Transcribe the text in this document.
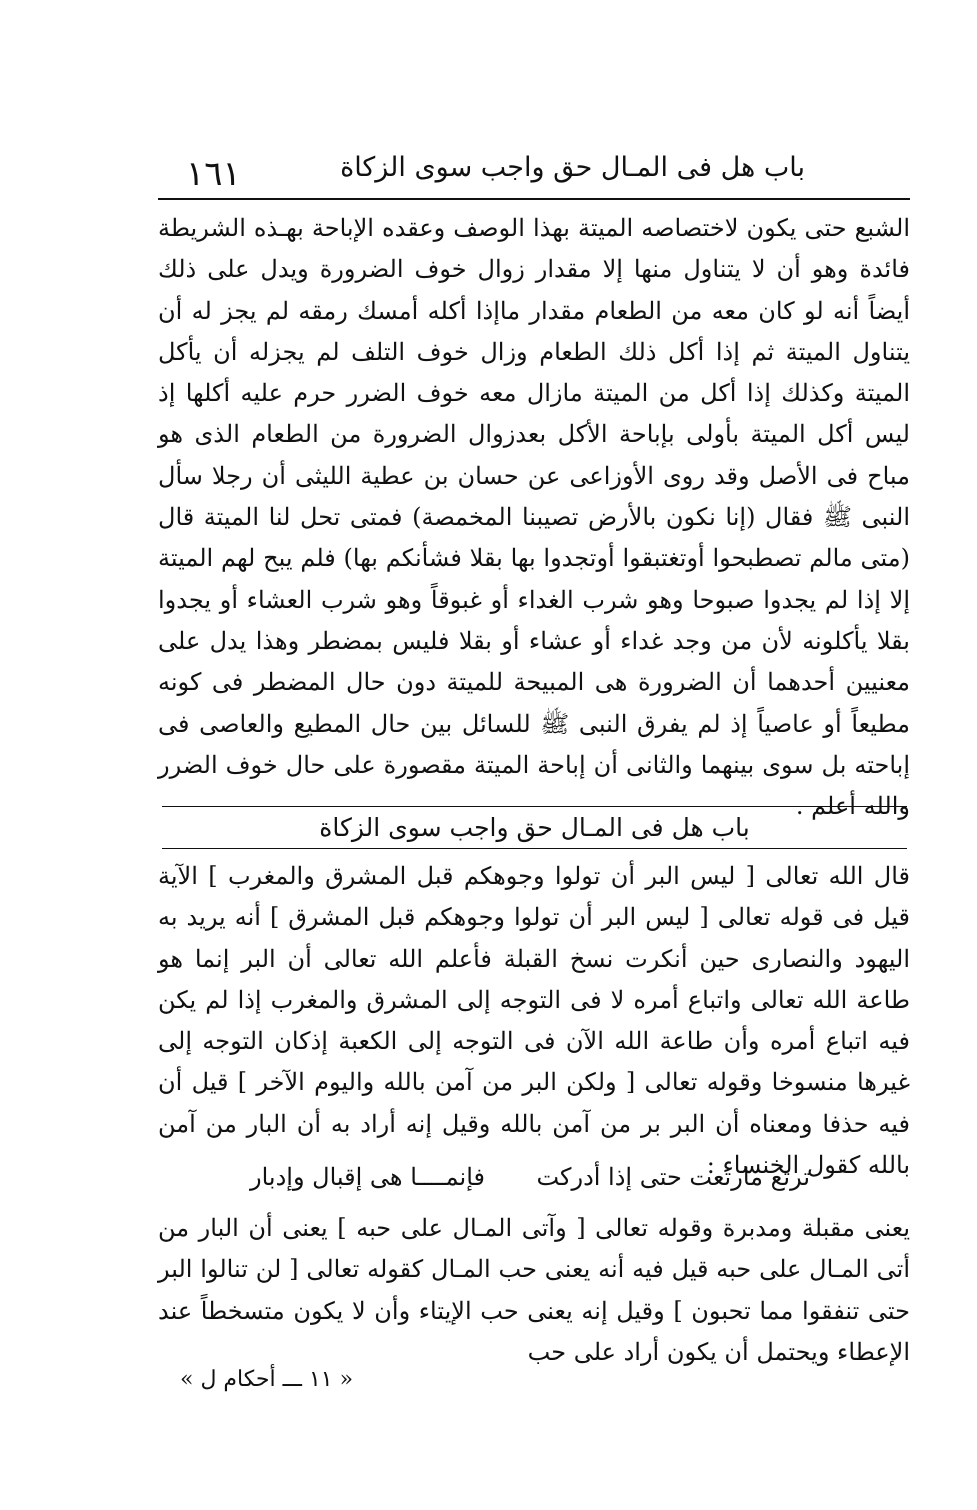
باب هل فى المـال حق واجب سوى الزكاة
١٦١

الشبع حتى يكون لاختصاصه الميتة بهذا الوصف وعقده الإباحة بهـذه الشريطة فائدة وهو أن لا يتناول منها إلا مقدار زوال خوف الضرورة ويدل على ذلك أيضاً أنه لو كان معه من الطعام مقدار ماإذا أكله أمسك رمقه لم يجز له أن يتناول الميتة ثم إذا أكل ذلك الطعام وزال خوف التلف لم يجزله أن يأكل الميتة وكذلك إذا أكل من الميتة مازال معه خوف الضرر حرم عليه أكلها إذ ليس أكل الميتة بأولى بإباحة الأكل بعدزوال الضرورة من الطعام الذى هو مباح فى الأصل وقد روى الأوزاعى عن حسان بن عطية الليثى أن رجلا سأل النبى ﷺ فقال (إنا نكون بالأرض تصيبنا المخمصة) فمتى تحل لنا الميتة قال (متى مالم تصطبحوا أوتغتبقوا أوتجدوا بها بقلا فشأنكم بها) فلم يبح لهم الميتة إلا إذا لم يجدوا صبوحا وهو شرب الغداء أو غبوقاً وهو شرب العشاء أو يجدوا بقلا يأكلونه لأن من وجد غداء أو عشاء أو بقلا فليس بمضطر وهذا يدل على معنيين أحدهما أن الضرورة هى المبيحة للميتة دون حال المضطر فى كونه مطيعاً أو عاصياً إذ لم يفرق النبى ﷺ للسائل بين حال المطيع والعاصى فى إباحته بل سوى بينهما والثانى أن إباحة الميتة مقصورة على حال خوف الضرر والله أعلم .

باب هل فى المـال حق واجب سوى الزكاة

قال الله تعالى [ ليس البر أن تولوا وجوهكم قبل المشرق والمغرب ] الآية قيل فى قوله تعالى [ ليس البر أن تولوا وجوهكم قبل المشرق ] أنه يريد به اليهود والنصارى حين أنكرت نسخ القبلة فأعلم الله تعالى أن البر إنما هو طاعة الله تعالى واتباع أمره لا فى التوجه إلى المشرق والمغرب إذا لم يكن فيه اتباع أمره وأن طاعة الله الآن فى التوجه إلى الكعبة إذكان التوجه إلى غيرها منسوخا وقوله تعالى [ ولكن البر من آمن بالله واليوم الآخر ] قيل أن فيه حذفا ومعناه أن البر بر من آمن بالله وقيل إنه أراد به أن البار من آمن بالله كقول الخنساء :

ترتع مارتعت حتى إذا أدركت
فإنمــــا هى إقبال وإدبار

يعنى مقبلة ومدبرة وقوله تعالى [ وآتى المـال على حبه ] يعنى أن البار من أتى المـال على حبه قيل فيه أنه يعنى حب المـال كقوله تعالى [ لن تنالوا البر حتى تنفقوا مما تحبون ] وقيل إنه يعنى حب الإيتاء وأن لا يكون متسخطاً عند الإعطاء ويحتمل أن يكون أراد على حب

« ١١ ـــ أحكام ل »
